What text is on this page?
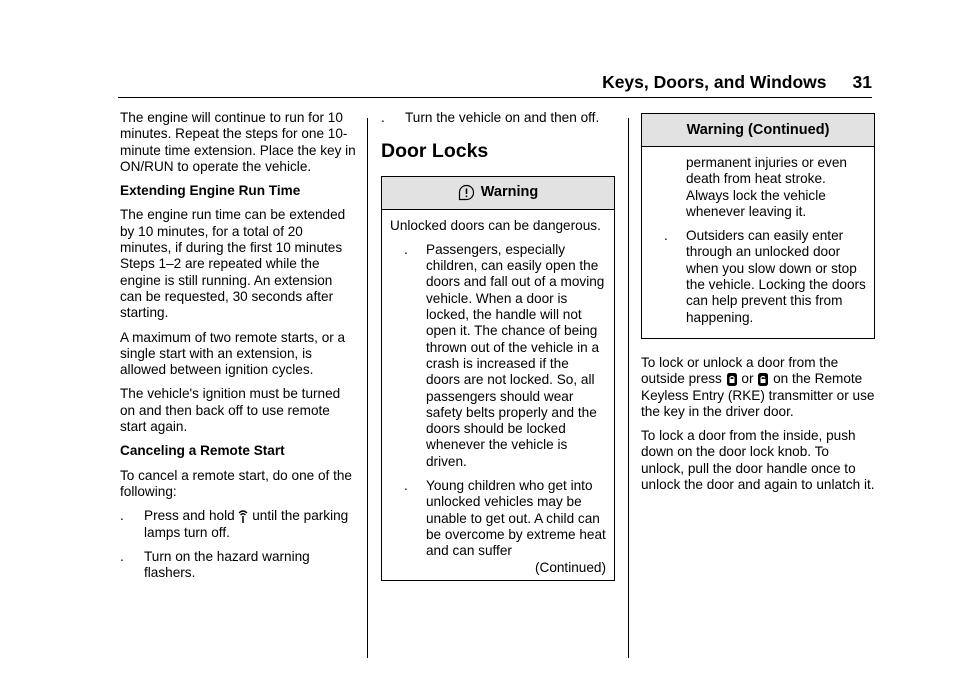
Keys, Doors, and Windows 31

The engine will continue to run for 10 minutes. Repeat the steps for one 10-minute time extension. Place the key in ON/RUN to operate the vehicle.

Extending Engine Run Time

The engine run time can be extended by 10 minutes, for a total of 20 minutes, if during the first 10 minutes Steps 1–2 are repeated while the engine is still running. An extension can be requested, 30 seconds after starting.

A maximum of two remote starts, or a single start with an extension, is allowed between ignition cycles.

The vehicle's ignition must be turned on and then back off to use remote start again.

Canceling a Remote Start

To cancel a remote start, do one of the following:

.	Press and hold until the parking lamps turn off.
.	Turn on the hazard warning flashers.
.	Turn the vehicle on and then off.
Door Locks
Warning

Unlocked doors can be dangerous.

.	Passengers, especially children, can easily open the doors and fall out of a moving vehicle. When a door is locked, the handle will not open it. The chance of being thrown out of the vehicle in a crash is increased if the doors are not locked. So, all passengers should wear safety belts properly and the doors should be locked whenever the vehicle is driven.
.	Young children who get into unlocked vehicles may be unable to get out. A child can be overcome by extreme heat and can suffer
(Continued)
Warning (Continued)
permanent injuries or even death from heat stroke. Always lock the vehicle whenever leaving it.
.	Outsiders can easily enter through an unlocked door when you slow down or stop the vehicle. Locking the doors can help prevent this from happening.

To lock or unlock a door from the outside press or on the Remote Keyless Entry (RKE) transmitter or use the key in the driver door.

To lock a door from the inside, push down on the door lock knob. To unlock, pull the door handle once to unlock the door and again to unlatch it.
